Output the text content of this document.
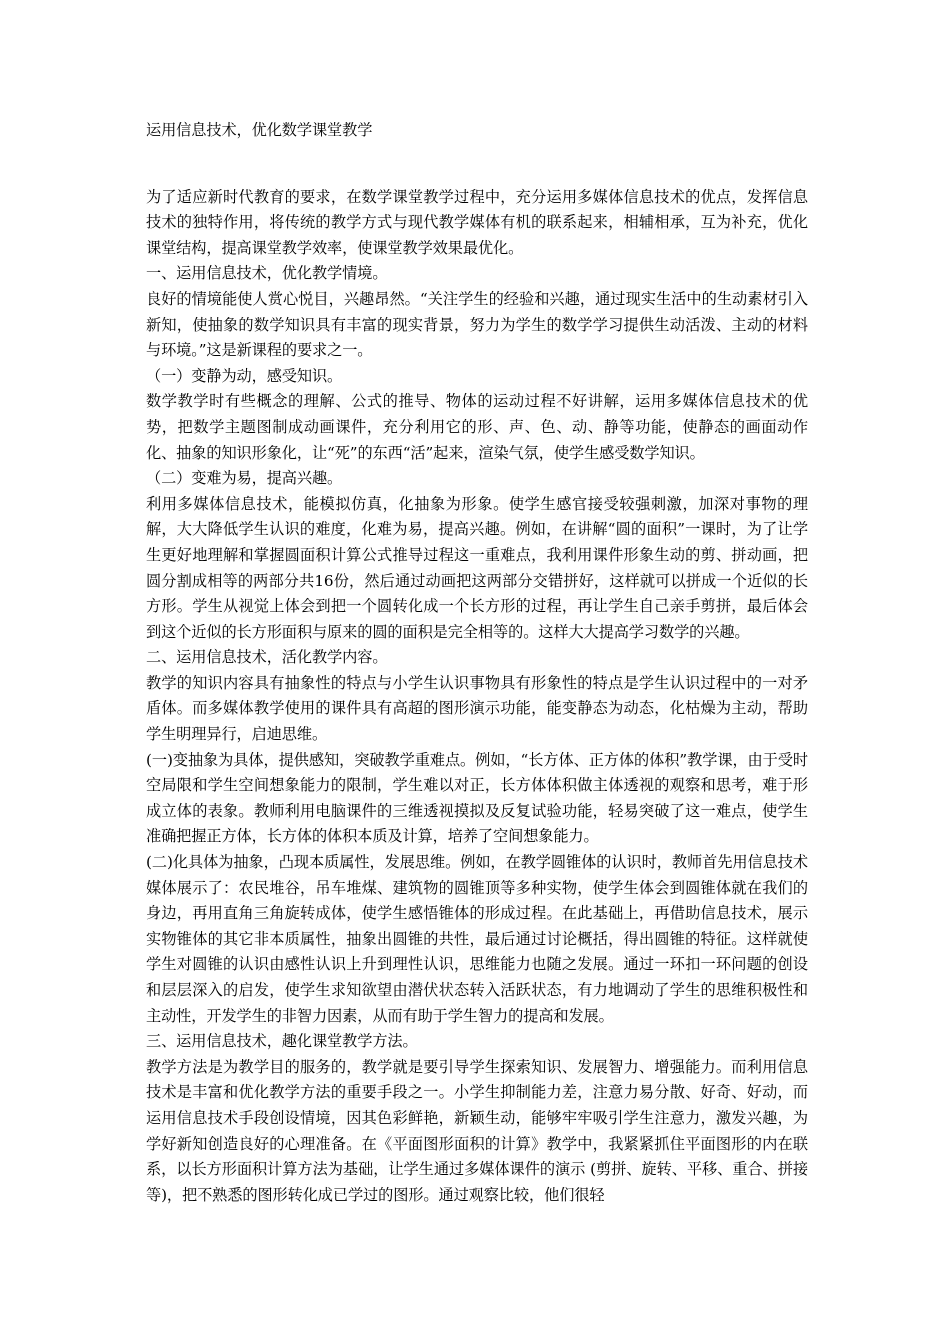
运用信息技术，优化数学课堂教学

为了适应新时代教育的要求，在数学课堂教学过程中，充分运用多媒体信息技术的优点，发挥信息技术的独特作用，将传统的教学方式与现代教学媒体有机的联系起来，相辅相承，互为补充，优化课堂结构，提高课堂教学效率，使课堂教学效果最优化。

一、运用信息技术，优化教学情境。

良好的情境能使人赏心悦目，兴趣昂然。“关注学生的经验和兴趣，通过现实生活中的生动素材引入新知，使抽象的数学知识具有丰富的现实背景，努力为学生的数学学习提供生动活泼、主动的材料与环境。”这是新课程的要求之一。

（一）变静为动，感受知识。

数学教学时有些概念的理解、公式的推导、物体的运动过程不好讲解，运用多媒体信息技术的优势，把数学主题图制成动画课件，充分利用它的形、声、色、动、静等功能，使静态的画面动作化、抽象的知识形象化，让“死”的东西“活”起来，渲染气氛，使学生感受数学知识。

（二）变难为易，提高兴趣。

利用多媒体信息技术，能模拟仿真，化抽象为形象。使学生感官接受较强刺激，加深对事物的理解，大大降低学生认识的难度，化难为易，提高兴趣。例如，在讲解“圆的面积”一课时，为了让学生更好地理解和掌握圆面积计算公式推导过程这一重难点，我利用课件形象生动的剪、拼动画，把圆分割成相等的两部分共16份，然后通过动画把这两部分交错拼好，这样就可以拼成一个近似的长方形。学生从视觉上体会到把一个圆转化成一个长方形的过程，再让学生自己亲手剪拼，最后体会到这个近似的长方形面积与原来的圆的面积是完全相等的。这样大大提高学习数学的兴趣。

二、运用信息技术，活化教学内容。

教学的知识内容具有抽象性的特点与小学生认识事物具有形象性的特点是学生认识过程中的一对矛盾体。而多媒体教学使用的课件具有高超的图形演示功能，能变静态为动态，化枯燥为主动，帮助学生明理异行，启迪思维。

(一)变抽象为具体，提供感知，突破教学重难点。例如，“长方体、正方体的体积”教学课，由于受时空局限和学生空间想象能力的限制，学生难以对正，长方体体积做主体透视的观察和思考，难于形成立体的表象。教师利用电脑课件的三维透视摸拟及反复试验功能，轻易突破了这一难点，使学生准确把握正方体，长方体的体积本质及计算，培养了空间想象能力。

(二)化具体为抽象，凸现本质属性，发展思维。例如，在教学圆锥体的认识时，教师首先用信息技术媒体展示了：农民堆谷，吊车堆煤、建筑物的圆锥顶等多种实物，使学生体会到圆锥体就在我们的身边，再用直角三角旋转成体，使学生感悟锥体的形成过程。在此基础上，再借助信息技术，展示实物锥体的其它非本质属性，抽象出圆锥的共性，最后通过讨论概括，得出圆锥的特征。这样就使学生对圆锥的认识由感性认识上升到理性认识，思维能力也随之发展。通过一环扣一环问题的创设和层层深入的启发，使学生求知欲望由潜伏状态转入活跃状态，有力地调动了学生的思维积极性和主动性，开发学生的非智力因素，从而有助于学生智力的提高和发展。

三、运用信息技术，趣化课堂教学方法。

教学方法是为教学目的服务的，教学就是要引导学生探索知识、发展智力、增强能力。而利用信息技术是丰富和优化教学方法的重要手段之一。小学生抑制能力差，注意力易分散、好奇、好动，而运用信息技术手段创设情境，因其色彩鲜艳，新颖生动，能够牢牢吸引学生注意力，激发兴趣，为学好新知创造良好的心理准备。在《平面图形面积的计算》教学中，我紧紧抓住平面图形的内在联系，以长方形面积计算方法为基础，让学生通过多媒体课件的演示 (剪拼、旋转、平移、重合、拼接等)，把不熟悉的图形转化成已学过的图形。通过观察比较，他们很轻
